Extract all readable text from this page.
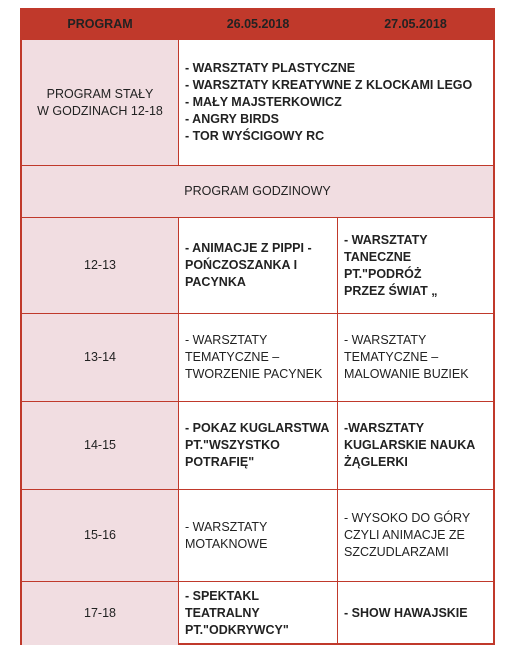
PROGRAM	26.05.2018	27.05.2018
PROGRAM STAŁY
W GODZINACH 12-18
- WARSZTATY PLASTYCZNE
- WARSZTATY KREATYWNE Z KLOCKAMI LEGO
- MAŁY MAJSTERKOWICZ
- ANGRY BIRDS
- TOR WYŚCIGOWY RC
PROGRAM GODZINOWY
12-13
- ANIMACJE Z PIPPI -
POŃCZOSZANKA I
PACYNKA
- WARSZTATY
TANECZNE PT."PODRÓŻ
PRZEZ ŚWIAT „
13-14
- WARSZTATY
TEMATYCZNE –
TWORZENIE PACYNEK
- WARSZTATY
TEMATYCZNE –
MALOWANIE BUZIEK
14-15
- POKAZ KUGLARSTWA
PT."WSZYSTKO
POTRAFIĘ"
-WARSZTATY
KUGLARSKIE NAUKA
ŻĄGLERKI
15-16
- WARSZTATY
MOTAKNOWE
- WYSOKO DO GÓRY
CZYLI ANIMACJE ZE
SZCZUDLARZAMI
17-18
- SPEKTAKL TEATRALNY
PT."ODKRYWCY"
- SHOW HAWAJSKIE
